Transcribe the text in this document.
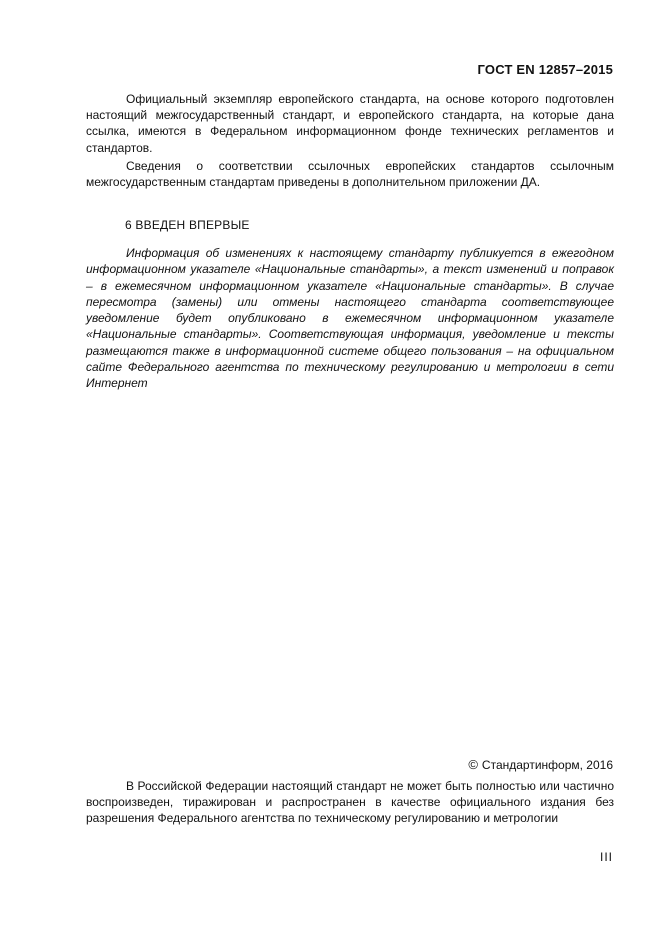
ГОСТ EN 12857–2015

Официальный экземпляр европейского стандарта, на основе которого подготовлен настоящий межгосударственный стандарт, и европейского стандарта, на которые дана ссылка, имеются в Федеральном информационном фонде технических регламентов и стандартов.

Сведения о соответствии ссылочных европейских стандартов ссылочным межгосударственным стандартам приведены в дополнительном приложении ДА.

6 ВВЕДЕН ВПЕРВЫЕ

Информация об изменениях к настоящему стандарту публикуется в ежегодном информационном указателе «Национальные стандарты», а текст изменений и поправок – в ежемесячном информационном указателе «Национальные стандарты». В случае пересмотра (замены) или отмены настоящего стандарта соответствующее уведомление будет опубликовано в ежемесячном информационном указателе «Национальные стандарты». Соответствующая информация, уведомление и тексты размещаются также в информационной системе общего пользования – на официальном сайте Федерального агентства по техническому регулированию и метрологии в сети Интернет

© Стандартинформ, 2016

В Российской Федерации настоящий стандарт не может быть полностью или частично воспроизведен, тиражирован и распространен в качестве официального издания без разрешения Федерального агентства по техническому регулированию и метрологии

III
